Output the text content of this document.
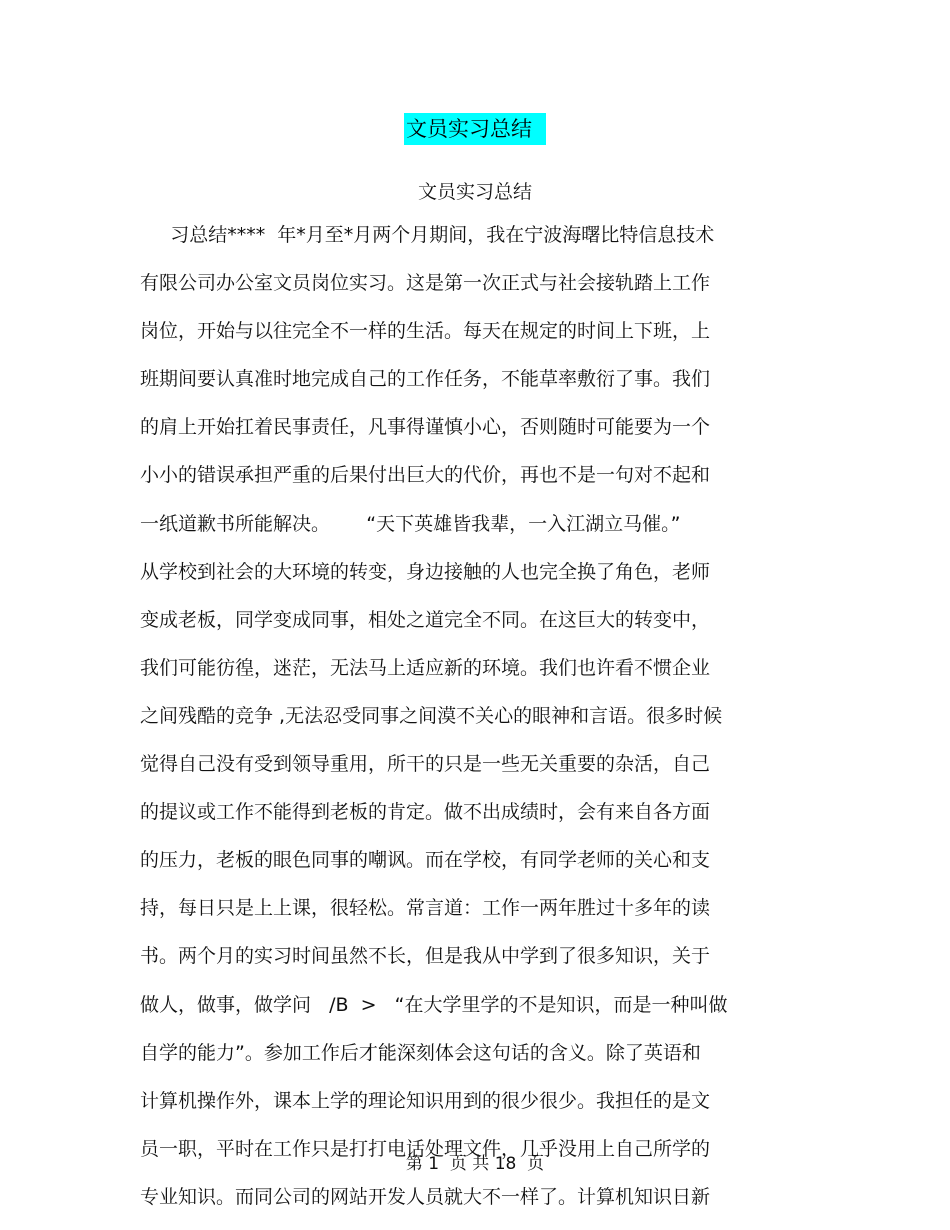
文员实习总结
文员实习总结
习总结****  年*月至*月两个月期间，我在宁波海曙比特信息技术
有限公司办公室文员岗位实习。这是第一次正式与社会接轨踏上工作
岗位，开始与以往完全不一样的生活。每天在规定的时间上下班，上
班期间要认真准时地完成自己的工作任务，不能草率敷衍了事。我们
的肩上开始扛着民事责任，凡事得谨慎小心，否则随时可能要为一个
小小的错误承担严重的后果付出巨大的代价，再也不是一句对不起和
一纸道歉书所能解决。      “天下英雄皆我辈，一入江湖立马催。”
从学校到社会的大环境的转变，身边接触的人也完全换了角色，老师
变成老板，同学变成同事，相处之道完全不同。在这巨大的转变中，
我们可能彷徨，迷茫，无法马上适应新的环境。我们也许看不惯企业
之间残酷的竞争 ,无法忍受同事之间漠不关心的眼神和言语。很多时候
觉得自己没有受到领导重用，所干的只是一些无关重要的杂活，自己
的提议或工作不能得到老板的肯定。做不出成绩时，会有来自各方面
的压力，老板的眼色同事的嘲讽。而在学校，有同学老师的关心和支
持，每日只是上上课，很轻松。常言道：工作一两年胜过十多年的读
书。两个月的实习时间虽然不长，但是我从中学到了很多知识，关于
做人，做事，做学问   /B  >   “在大学里学的不是知识，而是一种叫做
自学的能力”。参加工作后才能深刻体会这句话的含义。除了英语和
计算机操作外，课本上学的理论知识用到的很少很少。我担任的是文
员一职，平时在工作只是打打电话处理文件，几乎没用上自己所学的
专业知识。而同公司的网站开发人员就大不一样了。计算机知识日新
第 1  页 共 18  页
